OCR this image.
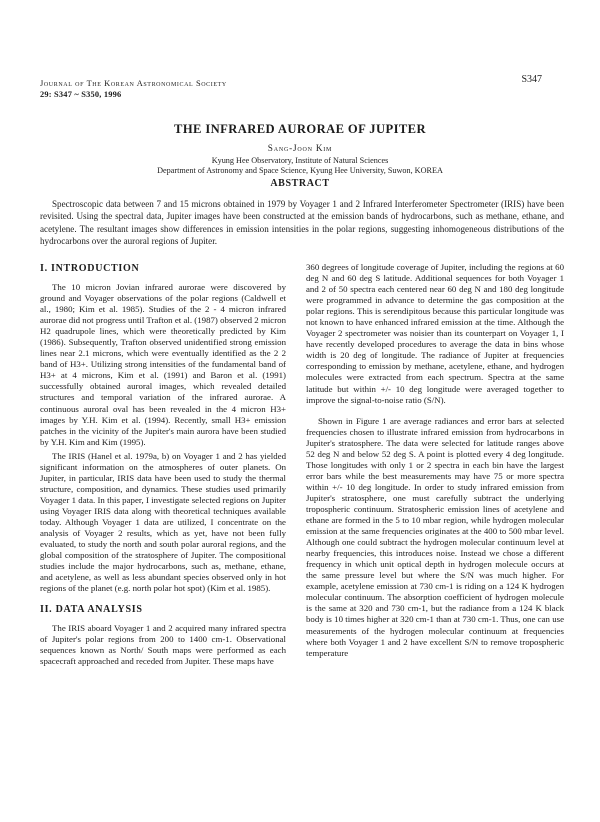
Journal of The Korean Astronomical Society
29: S347 ~ S350, 1996
S347
THE INFRARED AURORAE OF JUPITER
Sang-Joon Kim
Kyung Hee Observatory, Institute of Natural Sciences
Department of Astronomy and Space Science, Kyung Hee University, Suwon, KOREA
ABSTRACT

Spectroscopic data between 7 and 15 microns obtained in 1979 by Voyager 1 and 2 Infrared Interferometer Spectrometer (IRIS) have been revisited. Using the spectral data, Jupiter images have been constructed at the emission bands of hydrocarbons, such as methane, ethane, and acetylene. The resultant images show differences in emission intensities in the polar regions, suggesting inhomogeneous distributions of the hydrocarbons over the auroral regions of Jupiter.

I. INTRODUCTION

The 10 micron Jovian infrared aurorae were discovered by ground and Voyager observations of the polar regions (Caldwell et al., 1980; Kim et al. 1985). Studies of the 2 - 4 micron infrared aurorae did not progress until Trafton et al. (1987) observed 2 micron H2 quadrupole lines, which were theoretically predicted by Kim (1986). Subsequently, Trafton observed unidentified strong emission lines near 2.1 microns, which were eventually identified as the 2 2 band of H3+. Utilizing strong intensities of the fundamental band of H3+ at 4 microns, Kim et al. (1991) and Baron et al. (1991) successfully obtained auroral images, which revealed detailed structures and temporal variation of the infrared aurorae. A continuous auroral oval has been revealed in the 4 micron H3+ images by Y.H. Kim et al. (1994). Recently, small H3+ emission patches in the vicinity of the Jupiter's main aurora have been studied by Y.H. Kim and Kim (1995).

The IRIS (Hanel et al. 1979a, b) on Voyager 1 and 2 has yielded significant information on the atmospheres of outer planets. On Jupiter, in particular, IRIS data have been used to study the thermal structure, composition, and dynamics. These studies used primarily Voyager 1 data. In this paper, I investigate selected regions on Jupiter using Voyager IRIS data along with theoretical techniques available today. Although Voyager 1 data are utilized, I concentrate on the analysis of Voyager 2 results, which as yet, have not been fully evaluated, to study the north and south polar auroral regions, and the global composition of the stratosphere of Jupiter. The compositional studies include the major hydrocarbons, such as, methane, ethane, and acetylene, as well as less abundant species observed only in hot regions of the planet (e.g. north polar hot spot) (Kim et al. 1985).

II. DATA ANALYSIS

The IRIS aboard Voyager 1 and 2 acquired many infrared spectra of Jupiter's polar regions from 200 to 1400 cm-1. Observational sequences known as North/ South maps were performed as each spacecraft approached and receded from Jupiter. These maps have

360 degrees of longitude coverage of Jupiter, including the regions at 60 deg N and 60 deg S latitude. Additional sequences for both Voyager 1 and 2 of 50 spectra each centered near 60 deg N and 180 deg longitude were programmed in advance to determine the gas composition at the polar regions. This is serendipitous because this particular longitude was not known to have enhanced infrared emission at the time. Although the Voyager 2 spectrometer was noisier than its counterpart on Voyager 1, I have recently developed procedures to average the data in bins whose width is 20 deg of longitude. The radiance of Jupiter at frequencies corresponding to emission by methane, acetylene, ethane, and hydrogen molecules were extracted from each spectrum. Spectra at the same latitude but within +/- 10 deg longitude were averaged together to improve the signal-to-noise ratio (S/N).

Shown in Figure 1 are average radiances and error bars at selected frequencies chosen to illustrate infrared emission from hydrocarbons in Jupiter's stratosphere. The data were selected for latitude ranges above 52 deg N and below 52 deg S. A point is plotted every 4 deg longitude. Those longitudes with only 1 or 2 spectra in each bin have the largest error bars while the best measurements may have 75 or more spectra within +/- 10 deg longitude. In order to study infrared emission from Jupiter's stratosphere, one must carefully subtract the underlying tropospheric continuum. Stratospheric emission lines of acetylene and ethane are formed in the 5 to 10 mbar region, while hydrogen molecular emission at the same frequencies originates at the 400 to 500 mbar level. Although one could subtract the hydrogen molecular continuum level at nearby frequencies, this introduces noise. Instead we chose a different frequency in which unit optical depth in hydrogen molecule occurs at the same pressure level but where the S/N was much higher. For example, acetylene emission at 730 cm-1 is riding on a 124 K hydrogen molecular continuum. The absorption coefficient of hydrogen molecule is the same at 320 and 730 cm-1, but the radiance from a 124 K black body is 10 times higher at 320 cm-1 than at 730 cm-1. Thus, one can use measurements of the hydrogen molecular continuum at frequencies where both Voyager 1 and 2 have excellent S/N to remove tropospheric temperature
